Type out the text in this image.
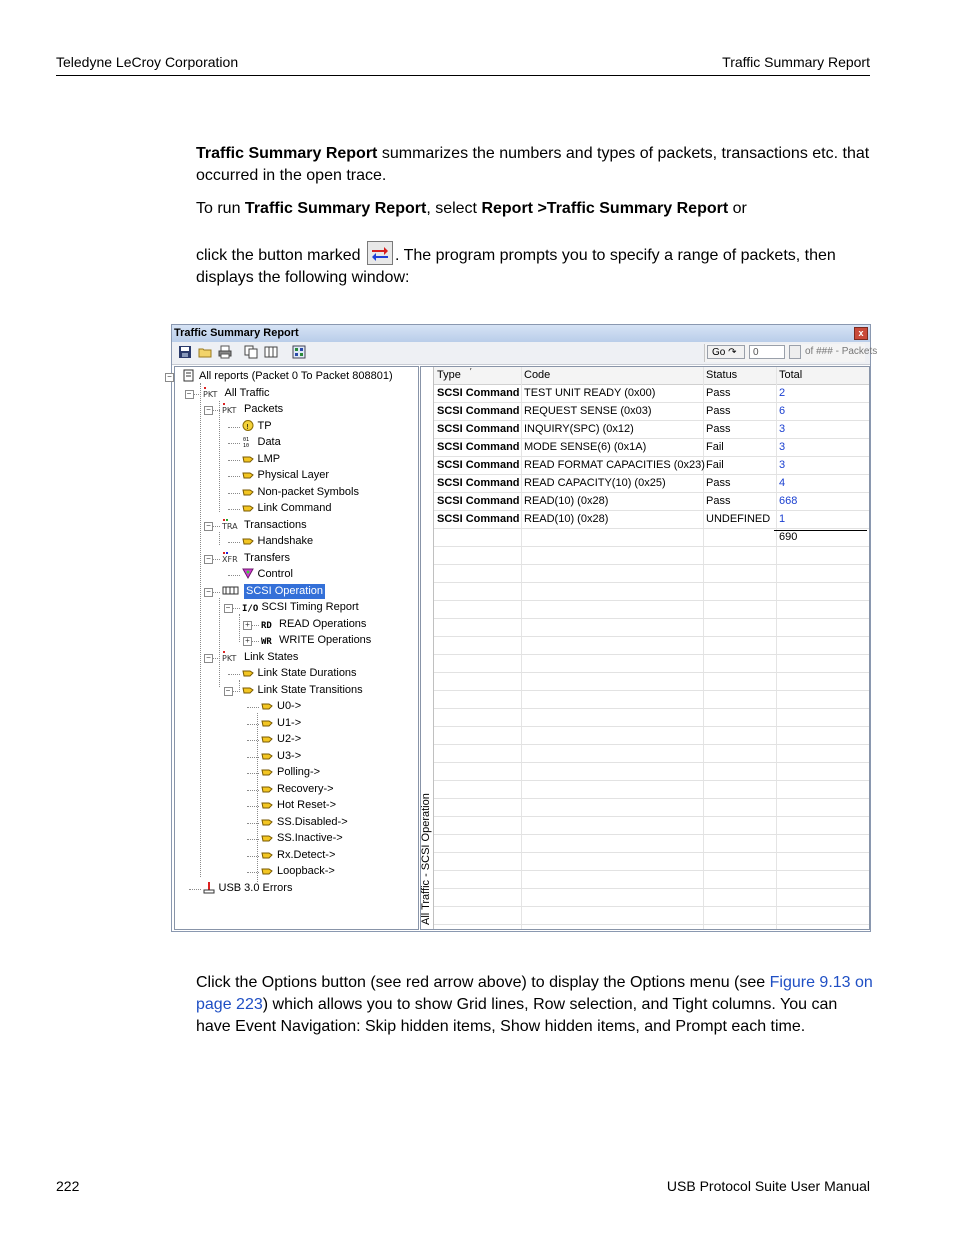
Teledyne LeCroy Corporation	Traffic Summary Report
Traffic Summary Report summarizes the numbers and types of packets, transactions etc. that occurred in the open trace.
To run Traffic Summary Report, select Report >Traffic Summary Report or
click the button marked
. The program prompts you to specify a range of packets, then displays the following window:
Traffic Summary Report	x
Go ↷	0	of ### - Packets
−	All reports (Packet 0 To Packet 808801)
− PKT All Traffic
− PKT Packets
! TP
01
10 Data
LMP
Physical Layer
Non-packet Symbols
Link Command
− TRA Transactions
Handshake
− XFR Transfers
Control
−	SCSI Operation
− I/O SCSI Timing Report
+ RD READ Operations
+ WR WRITE Operations
− PKT Link States
Link State Durations
−	Link State Transitions
U0->
U1->
U2->
U3->
Polling->
Recovery->
Hot Reset->
SS.Disabled->
SS.Inactive->
Rx.Detect->
Loopback->
USB 3.0 Errors	All Traffic - SCSI Operation
Type	Code	Status	Total
′
SCSI Command TEST UNIT READY (0x00)	Pass	2
SCSI Command REQUEST SENSE (0x03)	Pass	6
SCSI Command INQUIRY(SPC) (0x12)	Pass	3
SCSI Command MODE SENSE(6) (0x1A)	Fail	3
SCSI Command READ FORMAT CAPACITIES (0x23) Fail	3
SCSI Command READ CAPACITY(10) (0x25)	Pass	4
SCSI Command READ(10) (0x28)	Pass	668
SCSI Command READ(10) (0x28)	UNDEFINED 1
690
Click the Options button (see red arrow above) to display the Options menu (see Figure 9.13 on page 223) which allows you to show Grid lines, Row selection, and Tight columns. You can have Event Navigation: Skip hidden items, Show hidden items, and Prompt each time.
222	USB Protocol Suite User Manual
